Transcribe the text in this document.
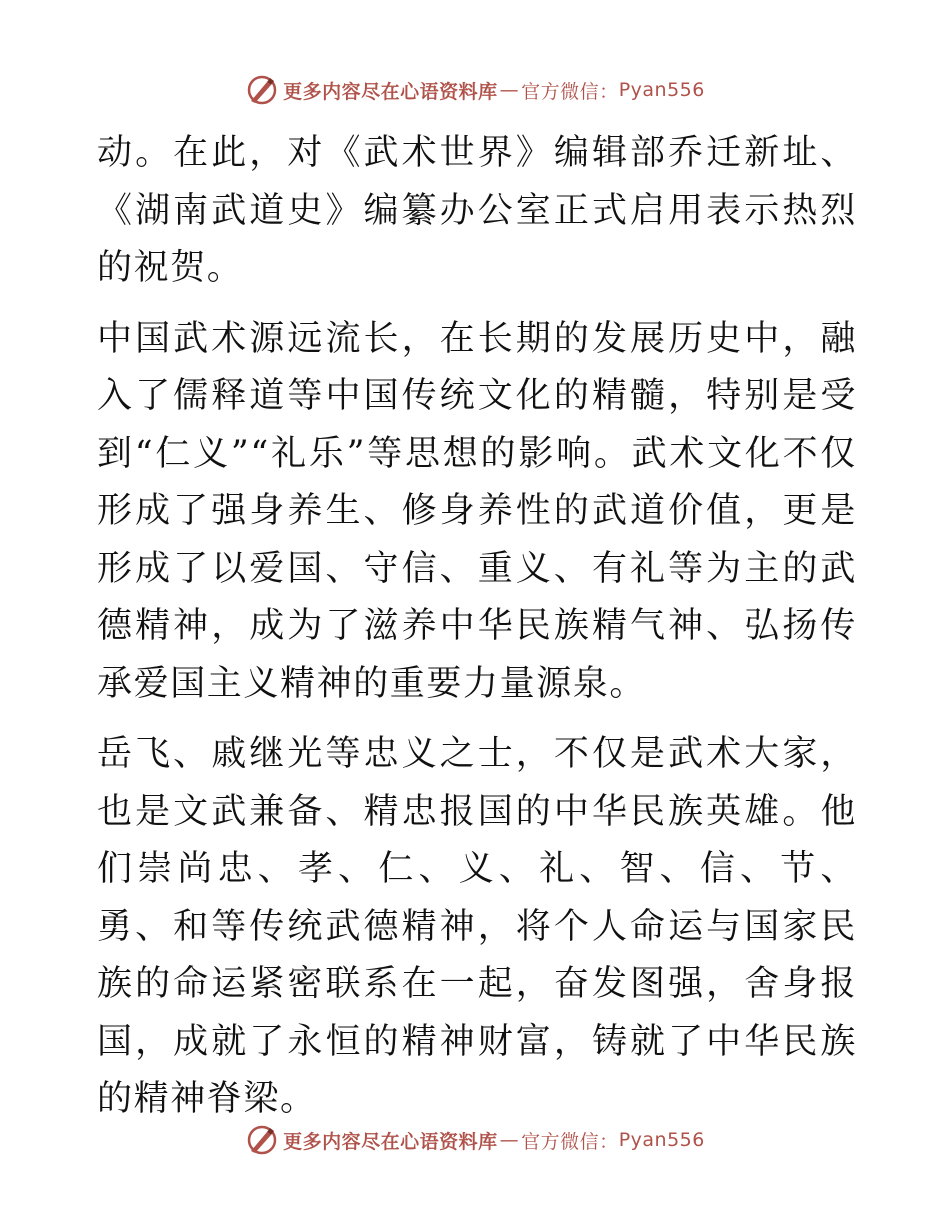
更多内容尽在心语资料库 — 官方微信： Pyan556

动。在此，对《武术世界》编辑部乔迁新址、《湖南武道史》编纂办公室正式启用表示热烈的祝贺。

中国武术源远流长，在长期的发展历史中，融入了儒释道等中国传统文化的精髓，特别是受到“仁义”“礼乐”等思想的影响。武术文化不仅形成了强身养生、修身养性的武道价值，更是形成了以爱国、守信、重义、有礼等为主的武德精神，成为了滋养中华民族精气神、弘扬传承爱国主义精神的重要力量源泉。

岳飞、戚继光等忠义之士，不仅是武术大家，也是文武兼备、精忠报国的中华民族英雄。他们崇尚忠、孝、仁、义、礼、智、信、节、勇、和等传统武德精神，将个人命运与国家民族的命运紧密联系在一起，奋发图强，舍身报国，成就了永恒的精神财富，铸就了中华民族的精神脊梁。

更多内容尽在心语资料库 — 官方微信： Pyan556
